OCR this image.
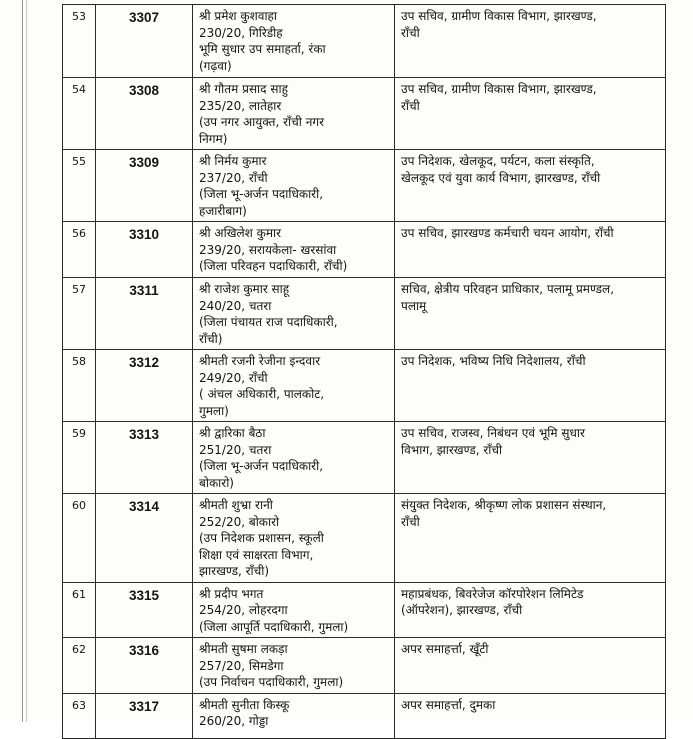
53	3307	श्री प्रमेश कुशवाहा
230/20, गिरिडीह
भूमि सुधार उप समाहर्ता, रंका
(गढ़वा)	उप सचिव, ग्रामीण विकास विभाग, झारखण्ड,
राँची

54	3308	श्री गौतम प्रसाद साहु
235/20, लातेहार
(उप नगर आयुक्त, राँची नगर
निगम)	उप सचिव, ग्रामीण विकास विभाग, झारखण्ड,
राँची

55	3309	श्री निर्मय कुमार
237/20, राँची
(जिला भू-अर्जन पदाधिकारी,
हजारीबाग)	उप निदेशक, खेलकूद, पर्यटन, कला संस्कृति,
खेलकूद एवं युवा कार्य विभाग, झारखण्ड, राँची

56	3310	श्री अखिलेश कुमार
239/20, सरायकेला- खरसांवा
(जिला परिवहन पदाधिकारी, राँची)	उप सचिव, झारखण्ड कर्मचारी चयन आयोग, राँची

57	3311	श्री राजेश कुमार साहू
240/20, चतरा
(जिला पंचायत राज पदाधिकारी,
राँची)	सचिव, क्षेत्रीय परिवहन प्राधिकार, पलामू प्रमण्डल,
पलामू

58	3312	श्रीमती रजनी रेजीना इन्दवार
249/20, राँची
( अंचल अधिकारी, पालकोट,
गुमला)	उप निदेशक, भविष्य निधि निदेशालय, राँची

59	3313	श्री द्वारिका बैठा
251/20, चतरा
(जिला भू-अर्जन पदाधिकारी,
बोकारो)	उप सचिव, राजस्व, निबंधन एवं भूमि सुधार
विभाग, झारखण्ड, राँची

60	3314	श्रीमती शुभ्रा रानी
252/20, बोकारो
(उप निदेशक प्रशासन, स्कूली
शिक्षा एवं साक्षरता विभाग,
झारखण्ड, राँची)	संयुक्त निदेशक, श्रीकृष्ण लोक प्रशासन संस्थान,
राँची

61	3315	श्री प्रदीप भगत
254/20, लोहरदगा
(जिला आपूर्ति पदाधिकारी, गुमला)	महाप्रबंधक, बिवरेजेज कॉरपोरेशन लिमिटेड
(ऑपरेशन), झारखण्ड, राँची

62	3316	श्रीमती सुषमा लकड़ा
257/20, सिमडेगा
(उप निर्वाचन पदाधिकारी, गुमला)	अपर समाहर्त्ता, खूँटी

63	3317	श्रीमती सुनीता किस्कू
260/20, गोड्डा	अपर समाहर्त्ता, दुमका
